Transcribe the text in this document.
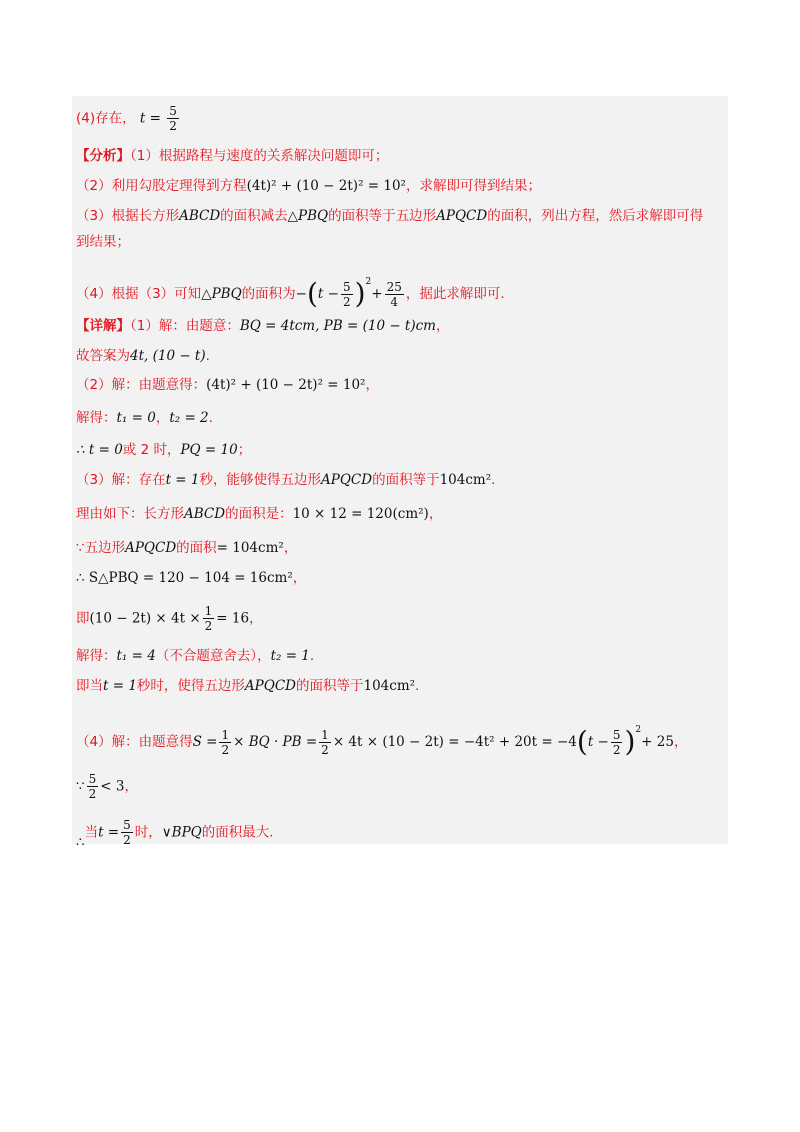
(4)存在， $t = \frac{5}{2}$
【分析】（1）根据路程与速度的关系解决问题即可；
（2）利用勾股定理得到方程(4t)² + (10 − 2t)² = 10²，求解即可得到结果；
（3）根据长方形ABCD的面积减去△PBQ的面积等于五边形APQCD的面积，列出方程，然后求解即可得
到结果；
（4）根据（3）可知△PBQ的面积为$-(t - \frac{5}{2} )^2+ \frac{25}{4}$ ，据此求解即可.
【详解】（1）解：由题意：BQ = 4tcm, PB = (10 − t)cm，
故答案为4t, (10 − t).
（2）解：由题意得：(4t)² + (10 − 2t)² = 10²，
解得：t₁ = 0，t₂ = 2.
∴ t = 0或 2 时，PQ = 10；
（3）解：存在t = 1秒，能够使得五边形APQCD的面积等于104cm².
理由如下：长方形ABCD的面积是：10 × 12 = 120(cm²)，
∵五边形APQCD的面积= 104cm²，
∴ S△PBQ = 120 − 104 = 16cm²，
即$(10 - 2t) \times 4t \times \frac{1}{2} = 16$，
解得：t₁ = 4（不合题意舍去），t₂ = 1.
即当t = 1秒时，使得五边形APQCD的面积等于104cm².
（4）解：由题意得$S = \frac{1}{2}$ × BQ · PB = $\frac{1}{2} \times 4t \times (10 - 2t) = -4t^2 + 20t = -4(t - \frac{5}{2} )^2+ 25$，
∵ $\frac{5}{2} < 3$，
∴当$t = \frac{5}{2}$ 时，∨BPQ的面积最大.
